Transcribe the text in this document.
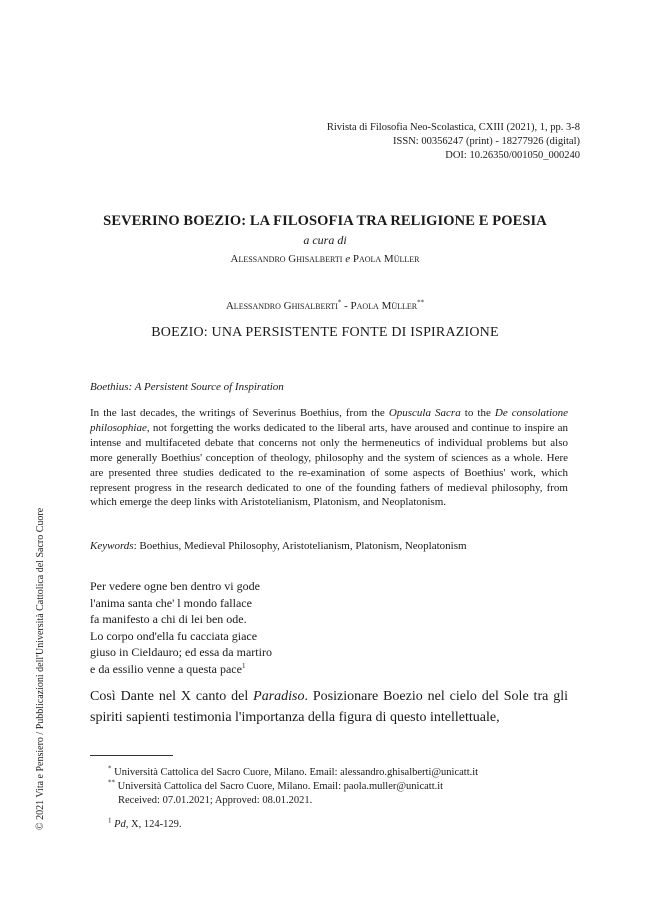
© 2021 Vita e Pensiero / Pubblicazioni dell'Università Cattolica del Sacro Cuore
Rivista di Filosofia Neo-Scolastica, CXIII (2021), 1, pp. 3-8
ISSN: 00356247 (print) - 18277926 (digital)
DOI: 10.26350/001050_000240
SEVERINO BOEZIO: LA FILOSOFIA TRA RELIGIONE E POESIA
a cura di
Alessandro Ghisalberti e Paola Müller
Alessandro Ghisalberti* - Paola Müller**
BOEZIO: UNA PERSISTENTE FONTE DI ISPIRAZIONE
Boethius: A Persistent Source of Inspiration

In the last decades, the writings of Severinus Boethius, from the Opuscula Sacra to the De consolatione philosophiae, not forgetting the works dedicated to the liberal arts, have aroused and continue to inspire an intense and multifaceted debate that concerns not only the hermeneutics of individual problems but also more generally Boethius' conception of theology, philosophy and the system of sciences as a whole. Here are presented three studies dedicated to the re-examination of some aspects of Boethius' work, which represent progress in the research dedicated to one of the founding fathers of medieval philosophy, from which emerge the deep links with Aristotelianism, Platonism, and Neoplatonism.

Keywords: Boethius, Medieval Philosophy, Aristotelianism, Platonism, Neoplatonism

Per vedere ogne ben dentro vi gode
l'anima santa che' l mondo fallace
fa manifesto a chi di lei ben ode.
Lo corpo ond'ella fu cacciata giace
giuso in Cieldauro; ed essa da martiro
e da essilio venne a questa pace$^1$

Così Dante nel X canto del Paradiso. Posizionare Boezio nel cielo del Sole tra gli spiriti sapienti testimonia l'importanza della figura di questo intellettuale,

* Università Cattolica del Sacro Cuore, Milano. Email: alessandro.ghisalberti@unicatt.it
** Università Cattolica del Sacro Cuore, Milano. Email: paola.muller@unicatt.it
Received: 07.01.2021; Approved: 08.01.2021.
$^1$ Pd, X, 124-129.
